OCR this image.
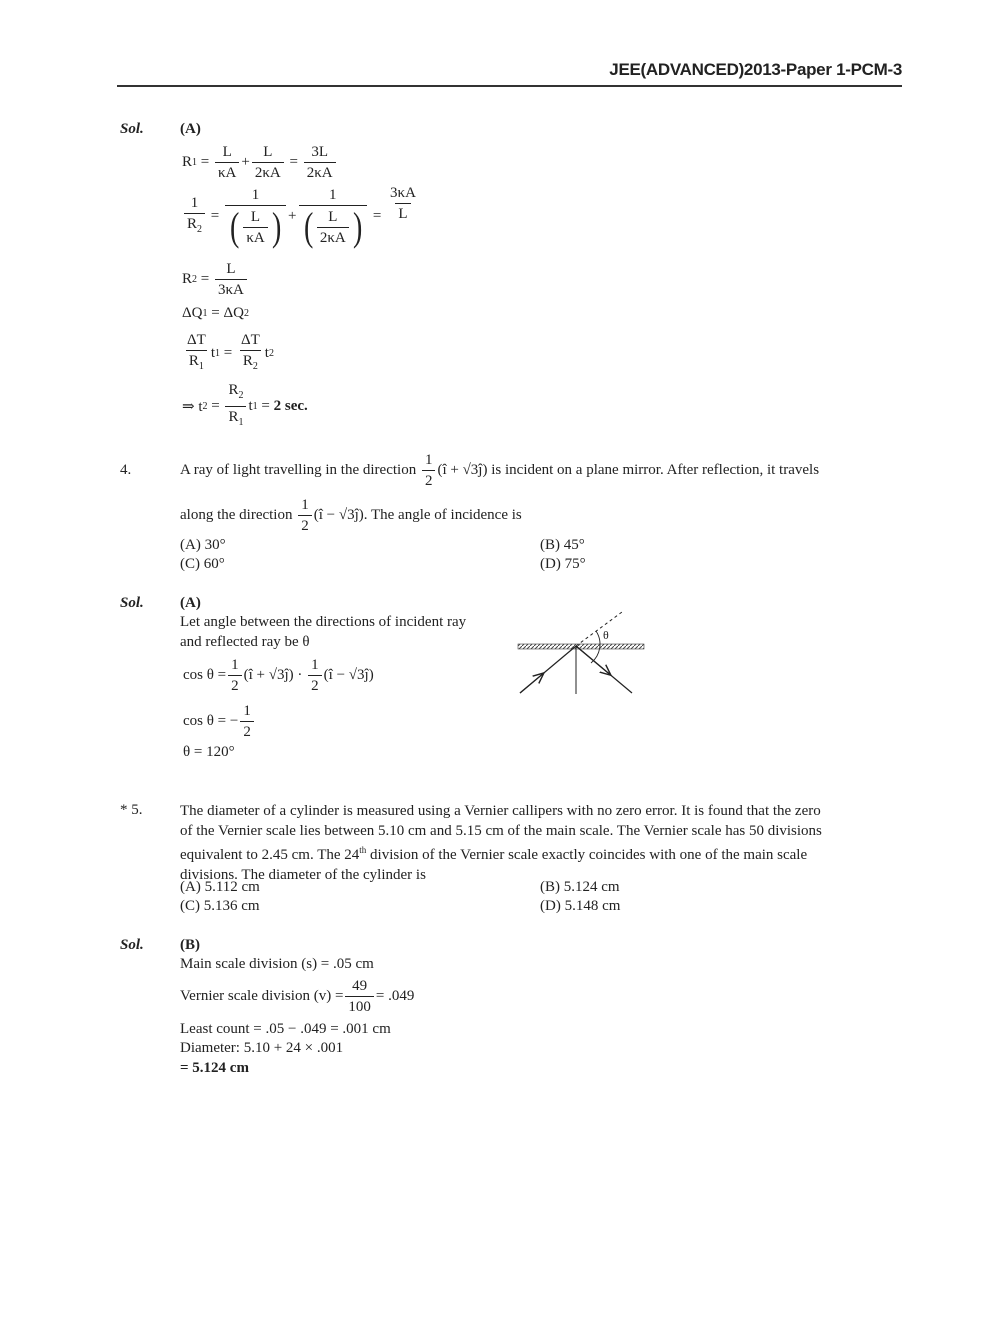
JEE(ADVANCED)2013-Paper 1-PCM-3
Sol. (A)
R $1 = \frac{L}{\kappa A} + \frac{L}{2\kappa A} = \frac{3L}{2\kappa A}$
$\frac{1}{R_2} = \frac{1}{( \frac{L}{\kappa A} )} + \frac{1}{( \frac{L}{2\kappa A} )} = \frac{3\kappa A}{L}$
R $2 = \frac{L}{3\kappa A}$
ΔQ 1 = ΔQ 2
$\frac{\Delta T}{R_1}$ t $1 = \frac{\Delta T}{R_2}$ t 2
⇒ t $2 = \frac{R_2}{R_1}$ t 1 = 2 sec.
4.	A ray of light travelling in the direction
$\frac{1}{2}$ (î + √3ĵ)
is incident on a plane mirror. After reflection, it travels
along the direction
$\frac{1}{2}$ (î − √3ĵ) . The angle of incidence is
(A) 30°	(B) 45°
(C) 60°	(D) 75°
Sol. (A)
Let angle between the directions of incident ray
and reflected ray be θ
$\cos \theta = \frac{1}{2}$ (î + √3ĵ) · $\frac{1}{2}$ (î − √3ĵ)
cos θ = − $\frac{1}{2}$
θ = 120°
θ
* 5.	The diameter of a cylinder is measured using a Vernier callipers with no zero error. It is found that the zero
of the Vernier scale lies between 5.10 cm and 5.15 cm of the main scale. The Vernier scale has 50 divisions
equivalent to 2.45 cm. The 24th division of the Vernier scale exactly coincides with one of the main scale
divisions. The diameter of the cylinder is
(A) 5.112 cm	(B) 5.124 cm
(C) 5.136 cm	(D) 5.148 cm
Sol. (B)
Main scale division (s) = .05 cm
Vernier scale division $(v) = \frac{49}{100} = .049$
Least count = .05 − .049 = .001 cm
Diameter: 5.10 + 24 × .001
= 5.124 cm
